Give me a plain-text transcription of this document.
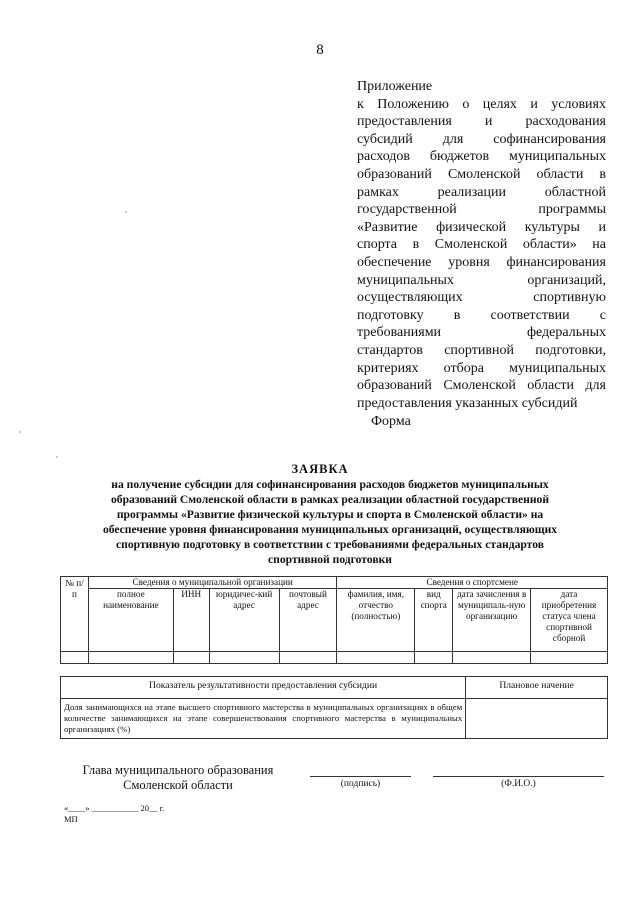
8
Приложение
к Положению о целях и условиях
предоставления и расходования
субсидий для софинансирования
расходов бюджетов муниципальных
образований Смоленской области в
рамках реализации областной
государственной программы
«Развитие физической культуры и
спорта в Смоленской области» на
обеспечение уровня финансирования
муниципальных организаций,
осуществляющих спортивную
подготовку в соответствии с
требованиями федеральных
стандартов спортивной подготовки,
критериях отбора муниципальных
образований Смоленской области для
предоставления указанных субсидий
Форма
ЗАЯВКА
на получение субсидии для софинансирования расходов бюджетов муниципальных
образований Смоленской области в рамках реализации областной государственной
программы «Развитие физической культуры и спорта в Смоленской области» на
обеспечение уровня финансирования муниципальных организаций, осуществляющих
спортивную подготовку в соответствии с требованиями федеральных стандартов
спортивной подготовки
№ п/п	Сведения о муниципальной организации				Сведения о спортсмене			
	полное наименование	ИНН	юридичес-кий адрес	почтовый адрес	фамилия, имя, отчество (полностью)	вид спорта	дата зачисления в муниципаль-ную организацию	дата приобретения статуса члена спортивной сборной

Показатель результативности предоставления субсидии	Плановое начение
Доля занимающихся на этапе высшего спортивного мастерства в муниципальных организациях в общем количестве занимающихся на этапе совершенствования спортивного мастерства в муниципальных организациях (%)	
Глава муниципального образования
Смоленской области	(подпись)	(Ф.И.О.)
«____» ___________ 20__ г.
МП
